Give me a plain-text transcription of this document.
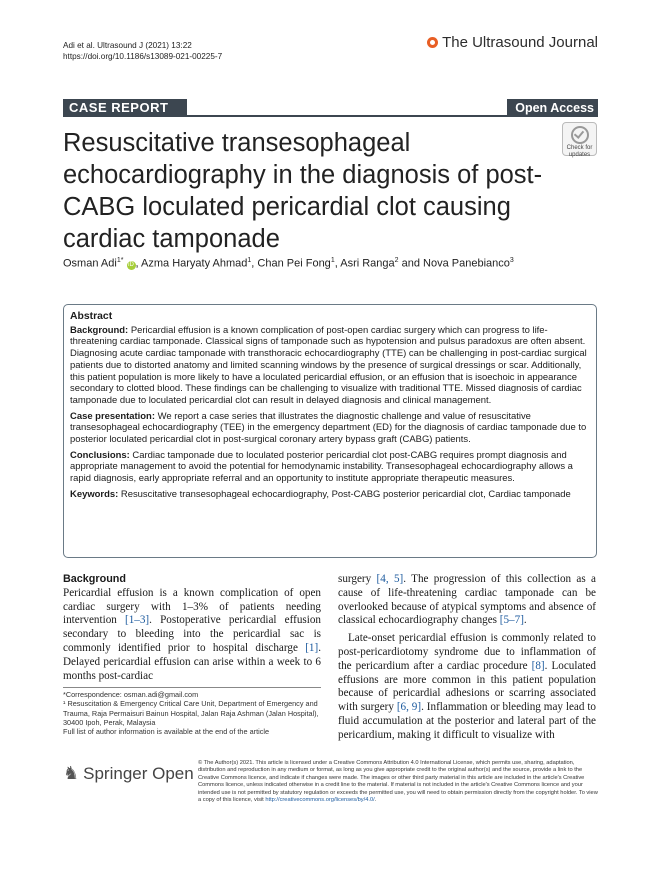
Adi et al. Ultrasound J (2021) 13:22
https://doi.org/10.1186/s13089-021-00225-7
The Ultrasound Journal
CASE REPORT	Open Access
Resuscitative transesophageal echocardiography in the diagnosis of post-CABG loculated pericardial clot causing cardiac tamponade
Check for
updates
Osman Adi$^{1*}$ iD , Azma Haryaty Ahmad$^1$, Chan Pei Fong$^1$, Asri Ranga$^2$ and Nova Panebianco$^3$
Abstract

Background: Pericardial effusion is a known complication of post-open cardiac surgery which can progress to life-threatening cardiac tamponade. Classical signs of tamponade such as hypotension and pulsus paradoxus are often absent. Diagnosing acute cardiac tamponade with transthoracic echocardiography (TTE) can be challenging in post-cardiac surgical patients due to distorted anatomy and limited scanning windows by the presence of surgical dressings or scar. Additionally, this patient population is more likely to have a loculated pericardial effusion, or an effusion that is isoechoic in appearance secondary to clotted blood. These findings can be challenging to visualize with traditional TTE. Missed diagnosis of cardiac tamponade due to loculated pericardial clot can result in delayed diagnosis and clinical management.

Case presentation: We report a case series that illustrates the diagnostic challenge and value of resuscitative transesophageal echocardiography (TEE) in the emergency department (ED) for the diagnosis of cardiac tamponade due to posterior loculated pericardial clot in post-surgical coronary artery bypass graft (CABG) patients.

Conclusions: Cardiac tamponade due to loculated posterior pericardial clot post-CABG requires prompt diagnosis and appropriate management to avoid the potential for hemodynamic instability. Transesophageal echocardiography allows a rapid diagnosis, early appropriate referral and an opportunity to institute appropriate therapeutic measures.

Keywords: Resuscitative transesophageal echocardiography, Post-CABG posterior pericardial clot, Cardiac tamponade

Background

Pericardial effusion is a known complication of open cardiac surgery with 1–3% of patients needing intervention [1–3]. Postoperative pericardial effusion secondary to bleeding into the pericardial sac is commonly identified prior to hospital discharge [1]. Delayed pericardial effusion can arise within a week to 6 months post-cardiac

surgery [4, 5]. The progression of this collection as a cause of life-threatening cardiac tamponade can be overlooked because of atypical symptoms and absence of classical echocardiography changes [5–7].

Late-onset pericardial effusion is commonly related to post-pericardiotomy syndrome due to inflammation of the pericardium after a cardiac procedure [8]. Loculated effusions are more common in this patient population because of pericardial adhesions or scarring associated with surgery [6, 9]. Inflammation or bleeding may lead to fluid accumulation at the posterior and lateral part of the pericardium, making it difficult to visualize with

*Correspondence: osman.adi@gmail.com

¹ Resuscitation & Emergency Critical Care Unit, Department of Emergency and Trauma, Raja Permaisuri Bainun Hospital, Jalan Raja Ashman (Jalan Hospital), 30400 Ipoh, Perak, Malaysia

Full list of author information is available at the end of the article

♞ Springer Open
© The Author(s) 2021. This article is licensed under a Creative Commons Attribution 4.0 International License, which permits use, sharing, adaptation, distribution and reproduction in any medium or format, as long as you give appropriate credit to the original author(s) and the source, provide a link to the Creative Commons licence, and indicate if changes were made. The images or other third party material in this article are included in the article's Creative Commons licence, unless indicated otherwise in a credit line to the material. If material is not included in the article's Creative Commons licence and your intended use is not permitted by statutory regulation or exceeds the permitted use, you will need to obtain permission directly from the copyright holder. To view a copy of this licence, visit http://creativecommons.org/licenses/by/4.0/.
